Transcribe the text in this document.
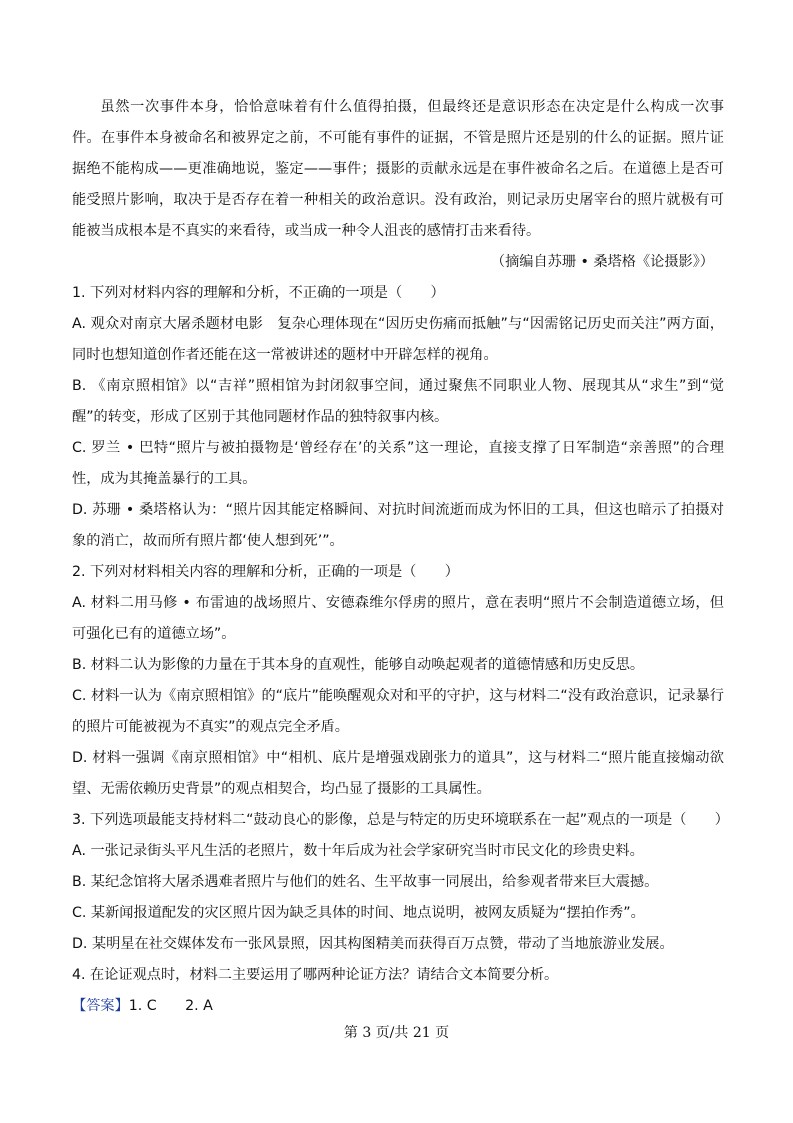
虽然一次事件本身，恰恰意味着有什么值得拍摄，但最终还是意识形态在决定是什么构成一次事件。在事件本身被命名和被界定之前，不可能有事件的证据，不管是照片还是别的什么的证据。照片证据绝不能构成——更准确地说，鉴定——事件；摄影的贡献永远是在事件被命名之后。在道德上是否可能受照片影响，取决于是否存在着一种相关的政治意识。没有政治，则记录历史屠宰台的照片就极有可能被当成根本是不真实的来看待，或当成一种令人沮丧的感情打击来看待。

（摘编自苏珊 • 桑塔格《论摄影》）

1. 下列对材料内容的理解和分析，不正确的一项是（　　）

A. 观众对南京大屠杀题材电影　复杂心理体现在“因历史伤痛而抵触”与“因需铭记历史而关注”两方面，同时也想知道创作者还能在这一常被讲述的题材中开辟怎样的视角。

B. 《南京照相馆》以“吉祥”照相馆为封闭叙事空间，通过聚焦不同职业人物、展现其从“求生”到“觉醒”的转变，形成了区别于其他同题材作品的独特叙事内核。

C. 罗兰 • 巴特“照片与被拍摄物是‘曾经存在’的关系”这一理论，直接支撑了日军制造“亲善照”的合理性，成为其掩盖暴行的工具。

D. 苏珊 • 桑塔格认为：“照片因其能定格瞬间、对抗时间流逝而成为怀旧的工具，但这也暗示了拍摄对象的消亡，故而所有照片都‘使人想到死’”。

2. 下列对材料相关内容的理解和分析，正确的一项是（　　）

A. 材料二用马修 • 布雷迪的战场照片、安德森维尔俘虏的照片，意在表明“照片不会制造道德立场，但可强化已有的道德立场”。

B. 材料二认为影像的力量在于其本身的直观性，能够自动唤起观者的道德情感和历史反思。

C. 材料一认为《南京照相馆》的“底片”能唤醒观众对和平的守护，这与材料二“没有政治意识，记录暴行的照片可能被视为不真实”的观点完全矛盾。

D. 材料一强调《南京照相馆》中“相机、底片是增强戏剧张力的道具”，这与材料二“照片能直接煽动欲望、无需依赖历史背景”的观点相契合，均凸显了摄影的工具属性。

3. 下列选项最能支持材料二“鼓动良心的影像，总是与特定的历史环境联系在一起”观点的一项是（　　）

A. 一张记录街头平凡生活的老照片，数十年后成为社会学家研究当时市民文化的珍贵史料。

B. 某纪念馆将大屠杀遇难者照片与他们的姓名、生平故事一同展出，给参观者带来巨大震撼。

C. 某新闻报道配发的灾区照片因为缺乏具体的时间、地点说明，被网友质疑为“摆拍作秀”。

D. 某明星在社交媒体发布一张风景照，因其构图精美而获得百万点赞，带动了当地旅游业发展。

4. 在论证观点时，材料二主要运用了哪两种论证方法？请结合文本简要分析。

【答案】1. C　　2. A

第 3 页/共 21 页
